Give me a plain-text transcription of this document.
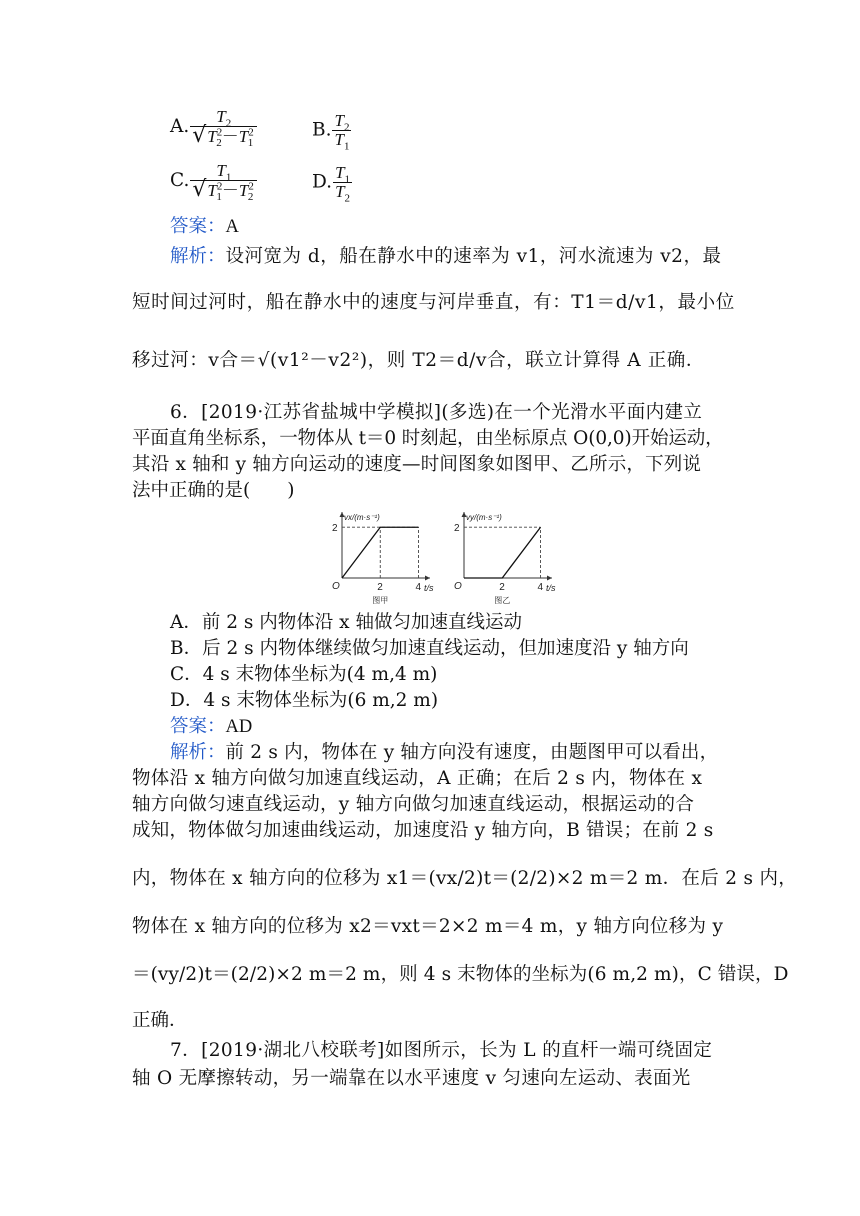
A. $\frac{T_2}{√T^2_2-T^2_1}$	B. $\frac{T_2}{T_1}$
C. $\frac{T_1}{√T^2_1-T^2_2}$	D. $\frac{T_1}{T_2}$
答案：A
解析：设河宽为 d，船在静水中的速率为 v1，河水流速为 v2，最
短时间过河时，船在静水中的速度与河岸垂直，有：T1＝d/v1，最小位
移过河：v合＝√(v1²－v2²)，则 T2＝d/v合，联立计算得 A 正确．
6．[2019·江苏省盐城中学模拟](多选)在一个光滑水平面内建立
平面直角坐标系，一物体从 t＝0 时刻起，由坐标原点 O(0,0)开始运动，
其沿 x 轴和 y 轴方向运动的速度—时间图象如图甲、乙所示，下列说
法中正确的是(　　)
vx/(m·s⁻¹)
t/s
O
2
2	4
图甲
vy/(m·s⁻¹)
t/s
O
2
2	4
图乙
A．前 2 s 内物体沿 x 轴做匀加速直线运动
B．后 2 s 内物体继续做匀加速直线运动，但加速度沿 y 轴方向
C．4 s 末物体坐标为(4 m,4 m)
D．4 s 末物体坐标为(6 m,2 m)
答案：AD
解析：前 2 s 内，物体在 y 轴方向没有速度，由题图甲可以看出，
物体沿 x 轴方向做匀加速直线运动，A 正确；在后 2 s 内，物体在 x
轴方向做匀速直线运动，y 轴方向做匀加速直线运动，根据运动的合
成知，物体做匀加速曲线运动，加速度沿 y 轴方向，B 错误；在前 2 s
内，物体在 x 轴方向的位移为 x1＝(vx/2)t＝(2/2)×2 m＝2 m．在后 2 s 内，
物体在 x 轴方向的位移为 x2＝vxt＝2×2 m＝4 m，y 轴方向位移为 y
＝(vy/2)t＝(2/2)×2 m＝2 m，则 4 s 末物体的坐标为(6 m,2 m)，C 错误，D
正确．
7．[2019·湖北八校联考]如图所示，长为 L 的直杆一端可绕固定
轴 O 无摩擦转动，另一端靠在以水平速度 v 匀速向左运动、表面光
